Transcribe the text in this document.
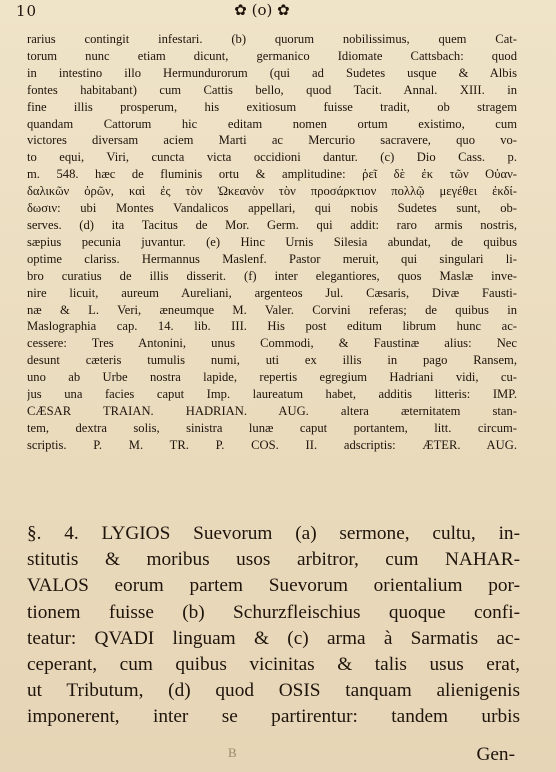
10	✿ (o) ✿
rarius contingit infestari. (b) quorum nobilissimus, quem Cat-
torum nunc etiam dicunt, germanico Idiomate Cattsbach: quod
in intestino illo Hermundurorum (qui ad Sudetes usque & Albis
fontes habitabant) cum Cattis bello, quod Tacit. Annal. XIII. in
fine illis prosperum, his exitiosum fuisse tradit, ob stragem
quandam Cattorum hic editam nomen ortum existimo, cum
victores diversam aciem Marti ac Mercurio sacravere, quo vo-
to equi, Viri, cuncta victa occidioni dantur. (c) Dio Cass. p.
m. 548. hæc de fluminis ortu & amplitudine: ῥεῖ δὲ ἐκ τῶν Οὐαν-
δαλικῶν ὀρῶν, καὶ ἐς τὸν Ὠκεανὸν τὸν προσάρκτιον πολλῷ μεγέθει ἐκδί-
δωσιν: ubi Montes Vandalicos appellari, qui nobis Sudetes sunt, ob-
serves. (d) ita Tacitus de Mor. Germ. qui addit: raro armis nostris,
sæpius pecunia juvantur. (e) Hinc Urnis Silesia abundat, de quibus
optime clariss. Hermannus Maslenf. Pastor meruit, qui singulari li-
bro curatius de illis disserit. (f) inter elegantiores, quos Maslæ inve-
nire licuit, aureum Aureliani, argenteos Jul. Cæsaris, Divæ Fausti-
næ & L. Veri, æneumque M. Valer. Corvini referas; de quibus in
Maslographia cap. 14. lib. III. His post editum librum hunc ac-
cessere: Tres Antonini, unus Commodi, & Faustinæ alius: Nec
desunt cæteris tumulis numi, uti ex illis in pago Ransem,
uno ab Urbe nostra lapide, repertis egregium Hadriani vidi, cu-
jus una facies caput Imp. laureatum habet, additis litteris: IMP.
CÆSAR TRAIAN. HADRIAN. AUG. altera æternitatem stan-
tem, dextra solis, sinistra lunæ caput portantem, litt. circum-
scriptis. P. M. TR. P. COS. II. adscriptis: ÆTER. AUG.
§. 4. LYGIOS Suevorum (a) sermone, cultu, in-
stitutis & moribus usos arbitror, cum NAHAR-
VALOS eorum partem Suevorum orientalium por-
tionem fuisse (b) Schurzfleischius quoque confi-
teatur: QVADI linguam & (c) arma à Sarmatis ac-
ceperant, cum quibus vicinitas & talis usus erat,
ut Tributum, (d) quod OSIS tanquam alienigenis
imponerent, inter se partirentur: tandem urbis
B	Gen-
